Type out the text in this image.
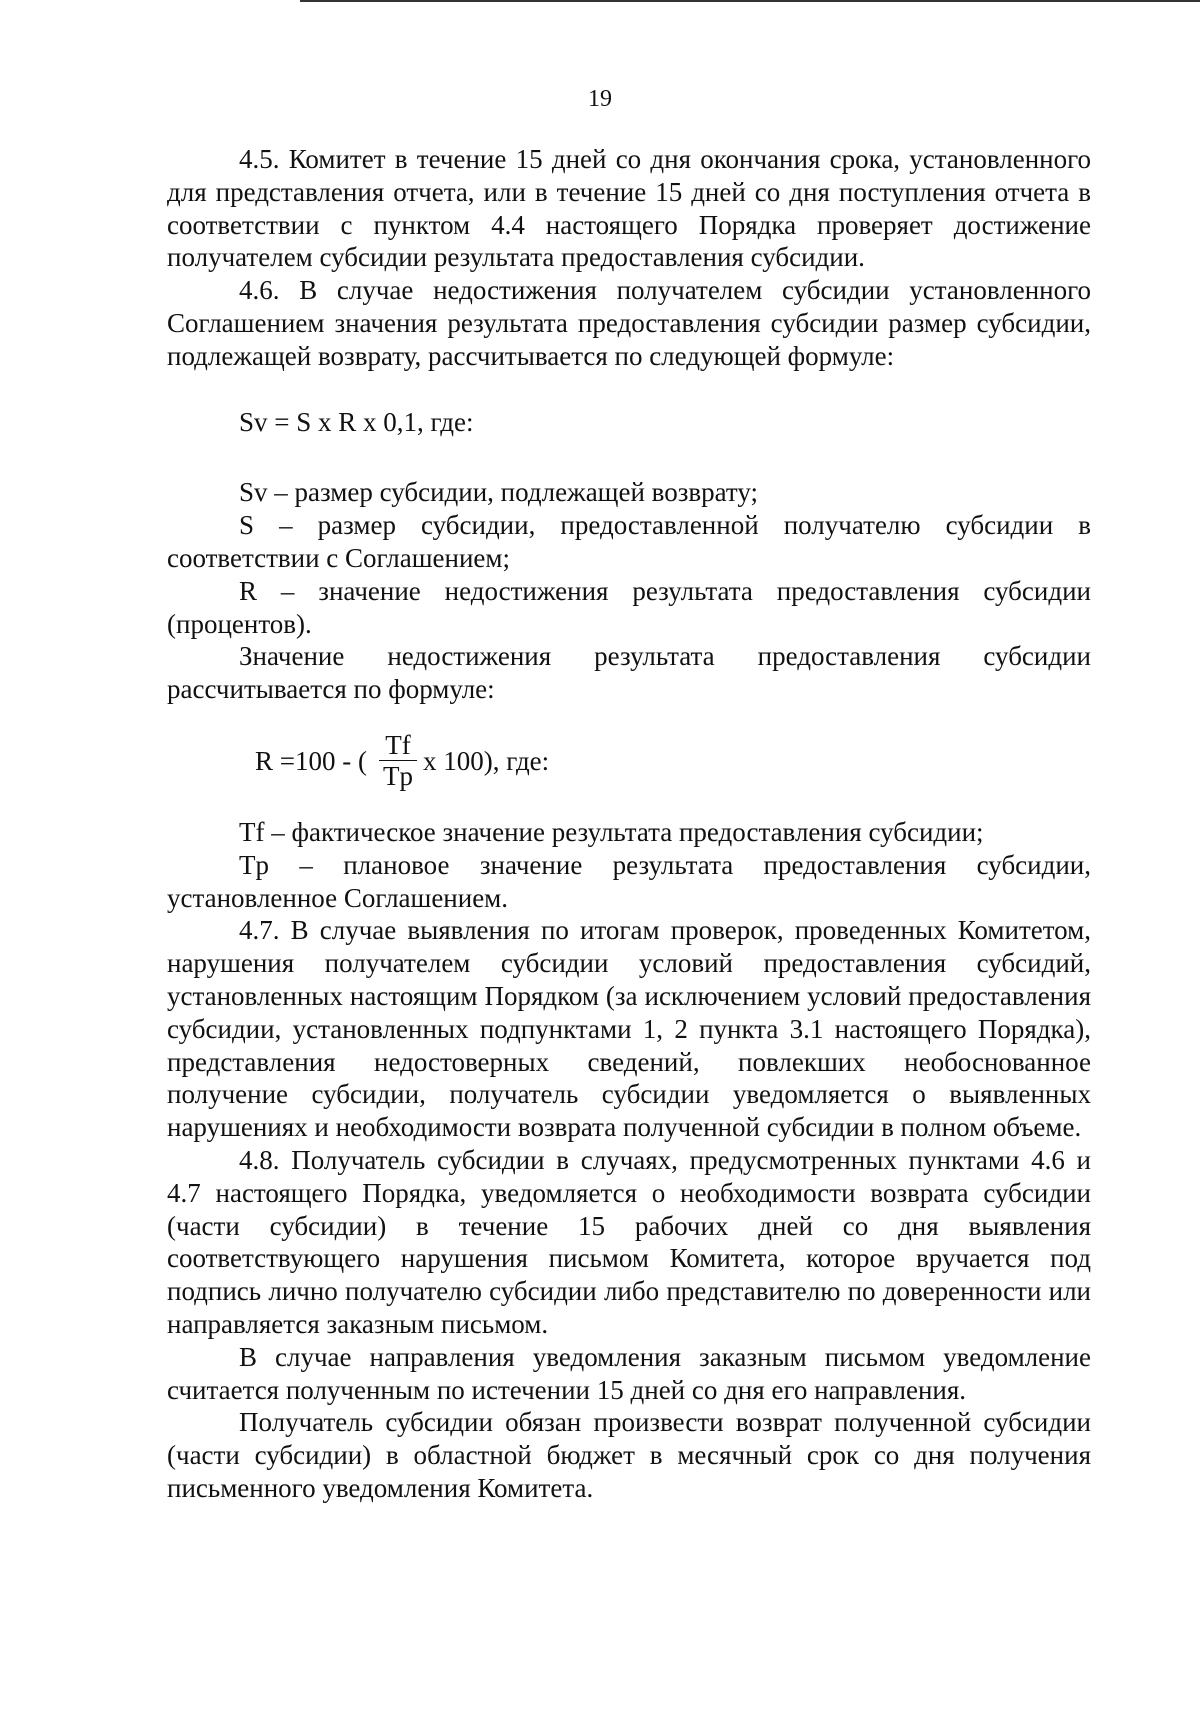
19

4.5. Комитет в течение 15 дней со дня окончания срока, установленного для представления отчета, или в течение 15 дней со дня поступления отчета в соответствии с пунктом 4.4 настоящего Порядка проверяет достижение получателем субсидии результата предоставления субсидии.

4.6. В случае недостижения получателем субсидии установленного Соглашением значения результата предоставления субсидии размер субсидии, подлежащей возврату, рассчитывается по следующей формуле:

Sv = S x R x 0,1, где:

Sv – размер субсидии, подлежащей возврату;

S – размер субсидии, предоставленной получателю субсидии в соответствии с Соглашением;

R – значение недостижения результата предоставления субсидии (процентов).

Значение недостижения результата предоставления субсидии рассчитывается по формуле:

R =100 - ( $\frac{Tf}{Tp}$ x 100), где:

Tf – фактическое значение результата предоставления субсидии;

Tp – плановое значение результата предоставления субсидии, установленное Соглашением.

4.7. В случае выявления по итогам проверок, проведенных Комитетом, нарушения получателем субсидии условий предоставления субсидий, установленных настоящим Порядком (за исключением условий предоставления субсидии, установленных подпунктами 1, 2 пункта 3.1 настоящего Порядка), представления недостоверных сведений, повлекших необоснованное получение субсидии, получатель субсидии уведомляется о выявленных нарушениях и необходимости возврата полученной субсидии в полном объеме.

4.8. Получатель субсидии в случаях, предусмотренных пунктами 4.6 и 4.7 настоящего Порядка, уведомляется о необходимости возврата субсидии (части субсидии) в течение 15 рабочих дней со дня выявления соответствующего нарушения письмом Комитета, которое вручается под подпись лично получателю субсидии либо представителю по доверенности или направляется заказным письмом.

В случае направления уведомления заказным письмом уведомление считается полученным по истечении 15 дней со дня его направления.

Получатель субсидии обязан произвести возврат полученной субсидии (части субсидии) в областной бюджет в месячный срок со дня получения письменного уведомления Комитета.
